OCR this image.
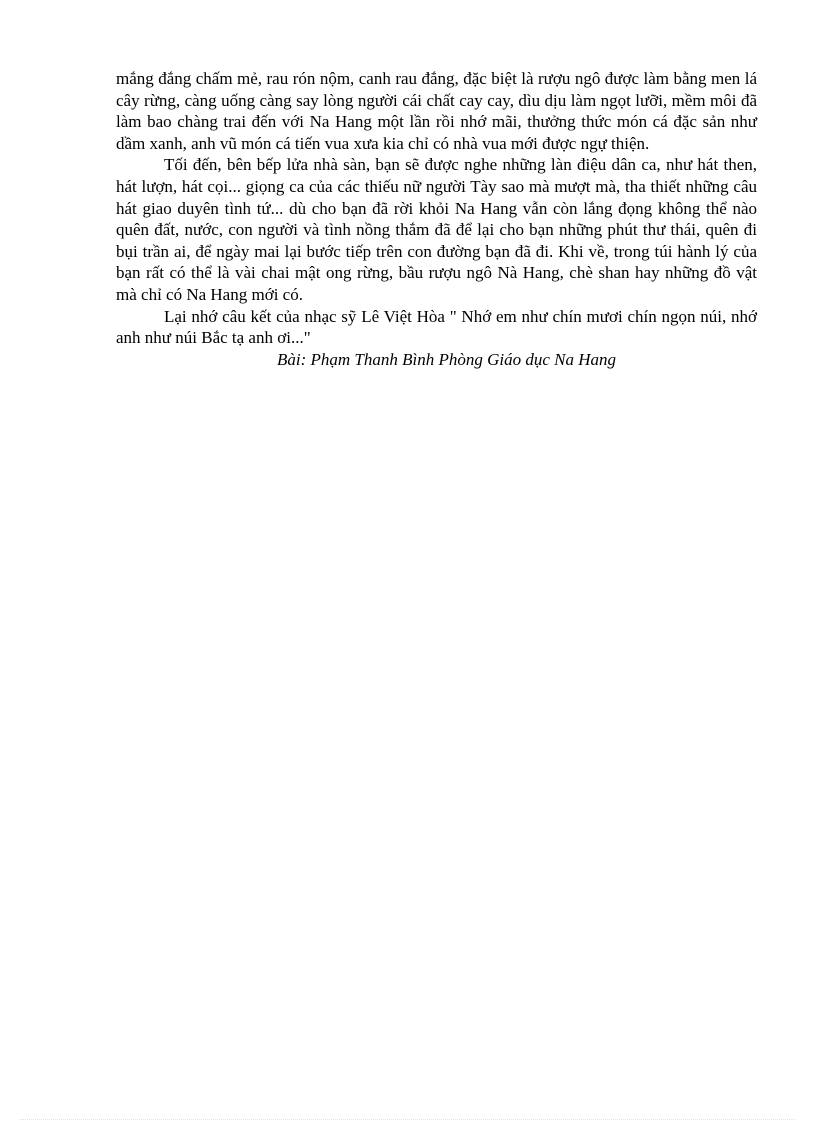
mắng đắng chấm mẻ, rau rón nộm, canh rau đắng, đặc biệt là rượu ngô được làm bằng men lá cây rừng, càng uống càng say lòng người cái chất cay cay, dìu dịu làm ngọt lưỡi, mềm môi đã làm bao chàng trai đến với Na Hang một lần rồi nhớ mãi, thưởng thức món cá đặc sản như dầm xanh, anh vũ món cá tiến vua xưa kia chỉ có nhà vua mới được ngự thiện.

Tối đến, bên bếp lửa nhà sàn, bạn sẽ được nghe những làn điệu dân ca, như hát then, hát lượn, hát cọi... giọng ca của các thiếu nữ người Tày sao mà mượt mà, tha thiết những câu hát giao duyên tình tứ... dù cho bạn đã rời khỏi Na Hang vẫn còn lắng đọng không thể nào quên đất, nước, con người và tình nồng thắm đã để lại cho bạn những phút thư thái, quên đi bụi trần ai, để ngày mai lại bước tiếp trên con đường bạn đã đi. Khi về, trong túi hành lý của bạn rất có thể là vài chai mật ong rừng, bầu rượu ngô Nà Hang, chè shan hay những đồ vật mà chỉ có Na Hang mới có.

Lại nhớ câu kết của nhạc sỹ Lê Việt Hòa " Nhớ em như chín mươi chín ngọn núi, nhớ anh như núi Bắc tạ anh ơi..."

Bài: Phạm Thanh Bình Phòng Giáo dục Na Hang
